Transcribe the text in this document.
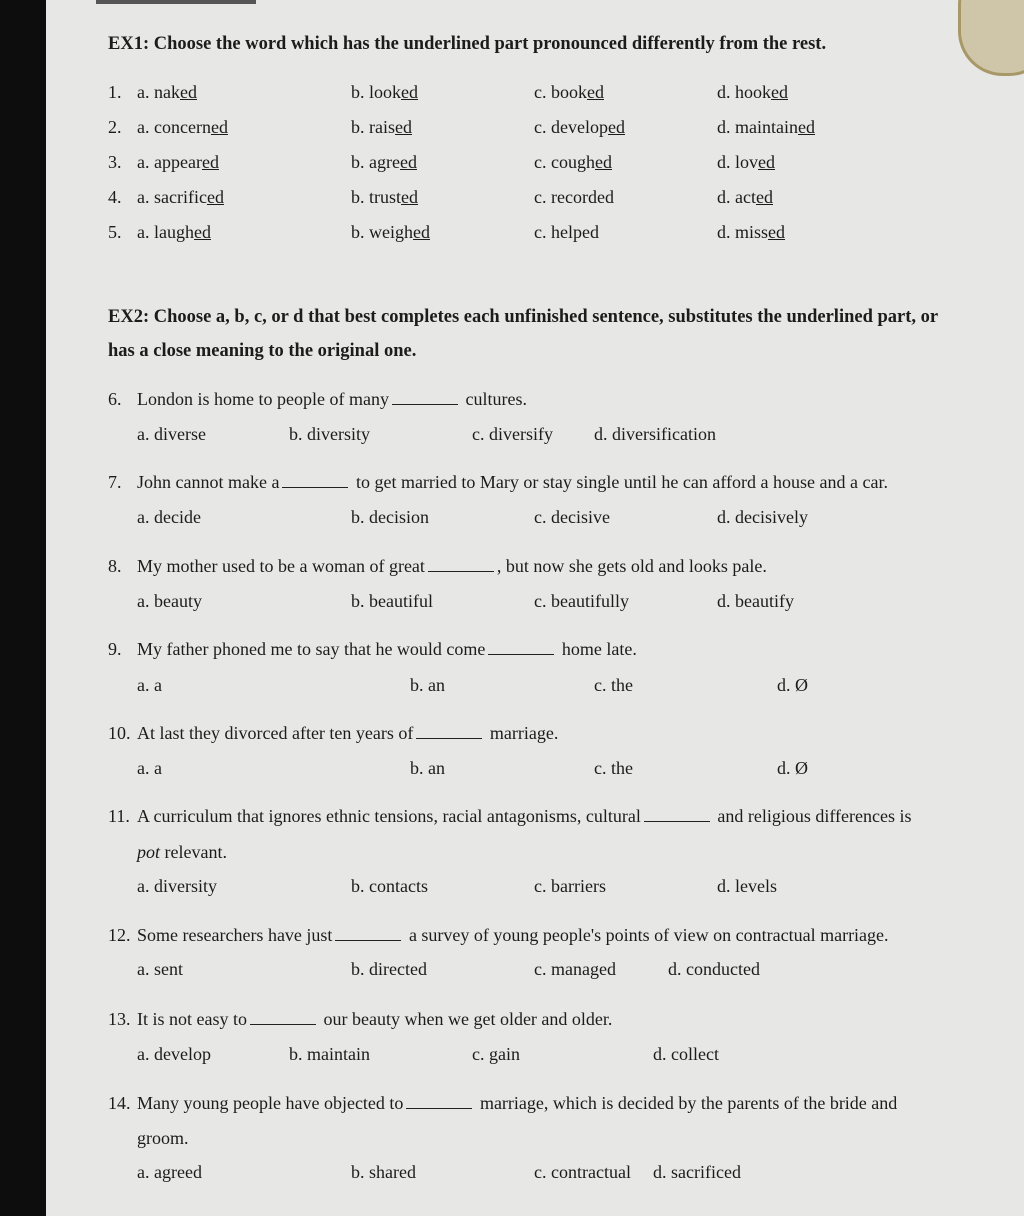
EX1: Choose the word which has the underlined part pronounced differently from the rest.
1. a. naked	b. looked	c. booked	d. hooked
2. a. concerned	b. raised	c. developed	d. maintained
3. a. appeared	b. agreed	c. coughed	d. loved
4. a. sacrificed	b. trusted	c. recorded	d. acted
5. a. laughed	b. weighed	c. helped	d. missed
EX2: Choose a, b, c, or d that best completes each unfinished sentence, substitutes the underlined part, or
has a close meaning to the original one.
6. London is home to people of many	cultures.
a. diverse	b. diversity	c. diversify d. diversification
7. John cannot make a	to get married to Mary or stay single until he can afford a house and a car.
a. decide	b. decision	c. decisive	d. decisively
8. My mother used to be a woman of great	, but now she gets old and looks pale.
a. beauty	b. beautiful	c. beautifully	d. beautify
9. My father phoned me to say that he would come	home late.
a. a	b. an	c. the	d. Ø
10. At last they divorced after ten years of	marriage.
a. a	b. an	c. the	d. Ø
11. A curriculum that ignores ethnic tensions, racial antagonisms, cultural	and religious differences is
pot relevant.
a. diversity	b. contacts	c. barriers	d. levels
12. Some researchers have just	a survey of young people's points of view on contractual marriage.
a. sent	b. directed	c. managed	d. conducted
13. It is not easy to	our beauty when we get older and older.
a. develop	b. maintain	c. gain	d. collect
14. Many young people have objected to	marriage, which is decided by the parents of the bride and
groom.
a. agreed	b. shared	c. contractual d. sacrificed
